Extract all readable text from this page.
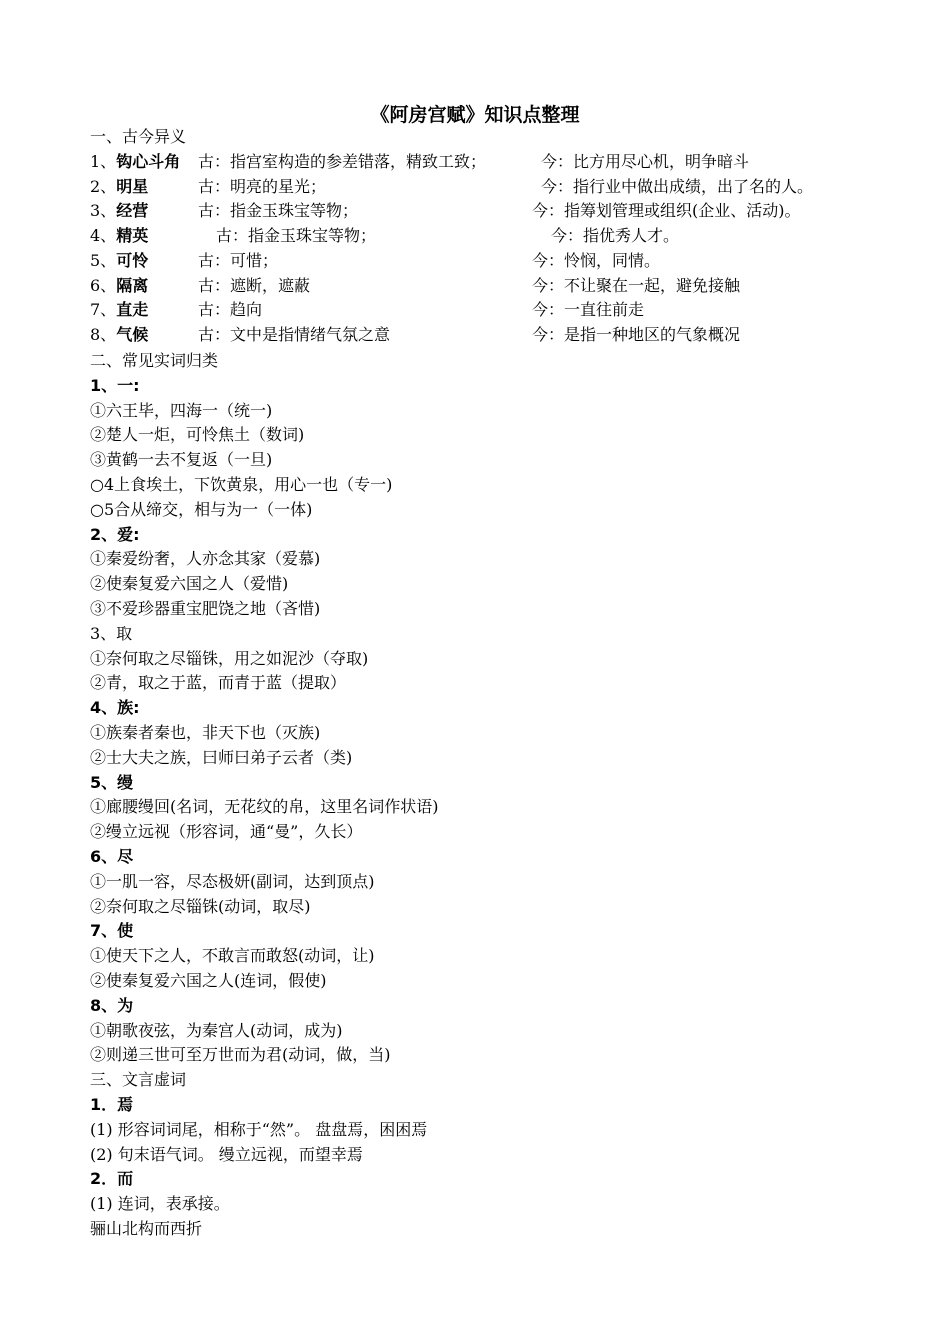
《阿房宫赋》知识点整理
一、古今异义
1、钩心斗角 古：指宫室构造的参差错落，精致工致；	今：比方用尽心机，明争暗斗
2、明星	古：明亮的星光；	今：指行业中做出成绩，出了名的人。
3、经营	古：指金玉珠宝等物；	今：指筹划管理或组织(企业、活动)。
4、精英	古：指金玉珠宝等物；	今：指优秀人才。
5、可怜	古：可惜；	今：怜悯，同情。
6、隔离	古：遮断，遮蔽	今：不让聚在一起，避免接触
7、直走	古：趋向	今：一直往前走
8、气候	古：文中是指情绪气氛之意	今：是指一种地区的气象概况
二、常见实词归类
1、一:
①六王毕，四海一（统一)
②楚人一炬，可怜焦土（数词)
③黄鹤一去不复返（一旦)
○4上食埃土，下饮黄泉，用心一也（专一)
○5合从缔交，相与为一（一体)
2、爱:
①秦爱纷奢，人亦念其家（爱慕)
②使秦复爱六国之人（爱惜)
③不爱珍器重宝肥饶之地（吝惜)
3、取
①奈何取之尽锱铢，用之如泥沙（夺取)
②青，取之于蓝，而青于蓝（提取）
4、族:
①族秦者秦也，非天下也（灭族)
②士大夫之族，曰师曰弟子云者（类)
5、缦
①廊腰缦回(名词，无花纹的帛，这里名词作状语)
②缦立远视（形容词，通“曼”，久长）
6、尽
①一肌一容，尽态极妍(副词，达到顶点)
②奈何取之尽锱铢(动词，取尽)
7、使
①使天下之人，不敢言而敢怒(动词，让)
②使秦复爱六国之人(连词，假使)
8、为
①朝歌夜弦，为秦宫人(动词，成为)
②则递三世可至万世而为君(动词，做，当)
三、文言虚词
1．焉
(1) 形容词词尾，相称于“然”。 盘盘焉，困困焉
(2) 句末语气词。 缦立远视，而望幸焉
2．而
(1) 连词，表承接。
骊山北构而西折
